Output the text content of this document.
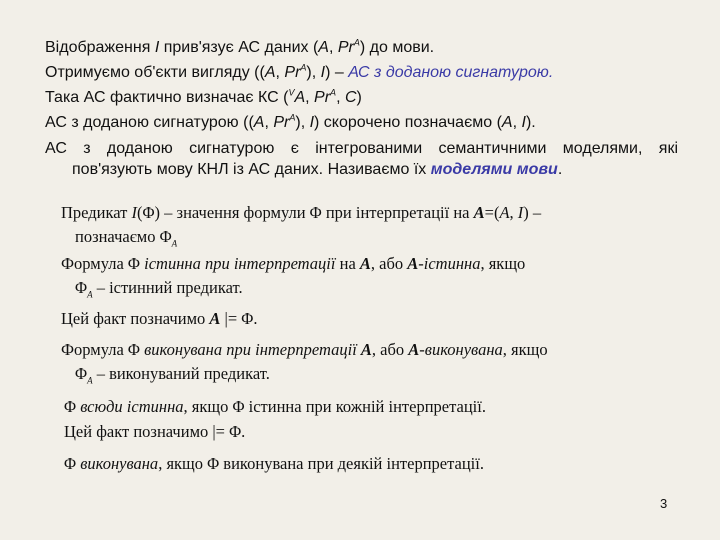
Відображення I прив'язує АС даних (A, $Pr^A$) до мови.
Отримуємо об'єкти вигляду ((A, $Pr^A$), I) – АС з доданою сигнатурою.
Така АС фактично визначає КС ($^V$A, $Pr^A$, C)
АС з доданою сигнатурою ((A, $Pr^A$), I) скорочено позначаємо (A, I).
АС з доданою сигнатурою є інтегрованими семантичними моделями, які
пов'язують мову КНЛ із АС даних. Називаємо їх моделями мови.
Предикат I(Φ) – значення формули Φ при інтерпретації на A=(A, I) –
позначаємо $\Phi_A$
Формула Φ істинна при інтерпретації на A, або A-істинна, якщо
$\Phi_A$ – істинний предикат.
Цей факт позначимо A |= Φ.
Формула Φ виконувана при інтерпретації A, або A-виконувана, якщо
$\Phi_A$ – виконуваний предикат.
Φ всюди істинна, якщо Φ істинна при кожній інтерпретації.
Цей факт позначимо |= Φ.
Φ виконувана, якщо Φ виконувана при деякій інтерпретації.
3
